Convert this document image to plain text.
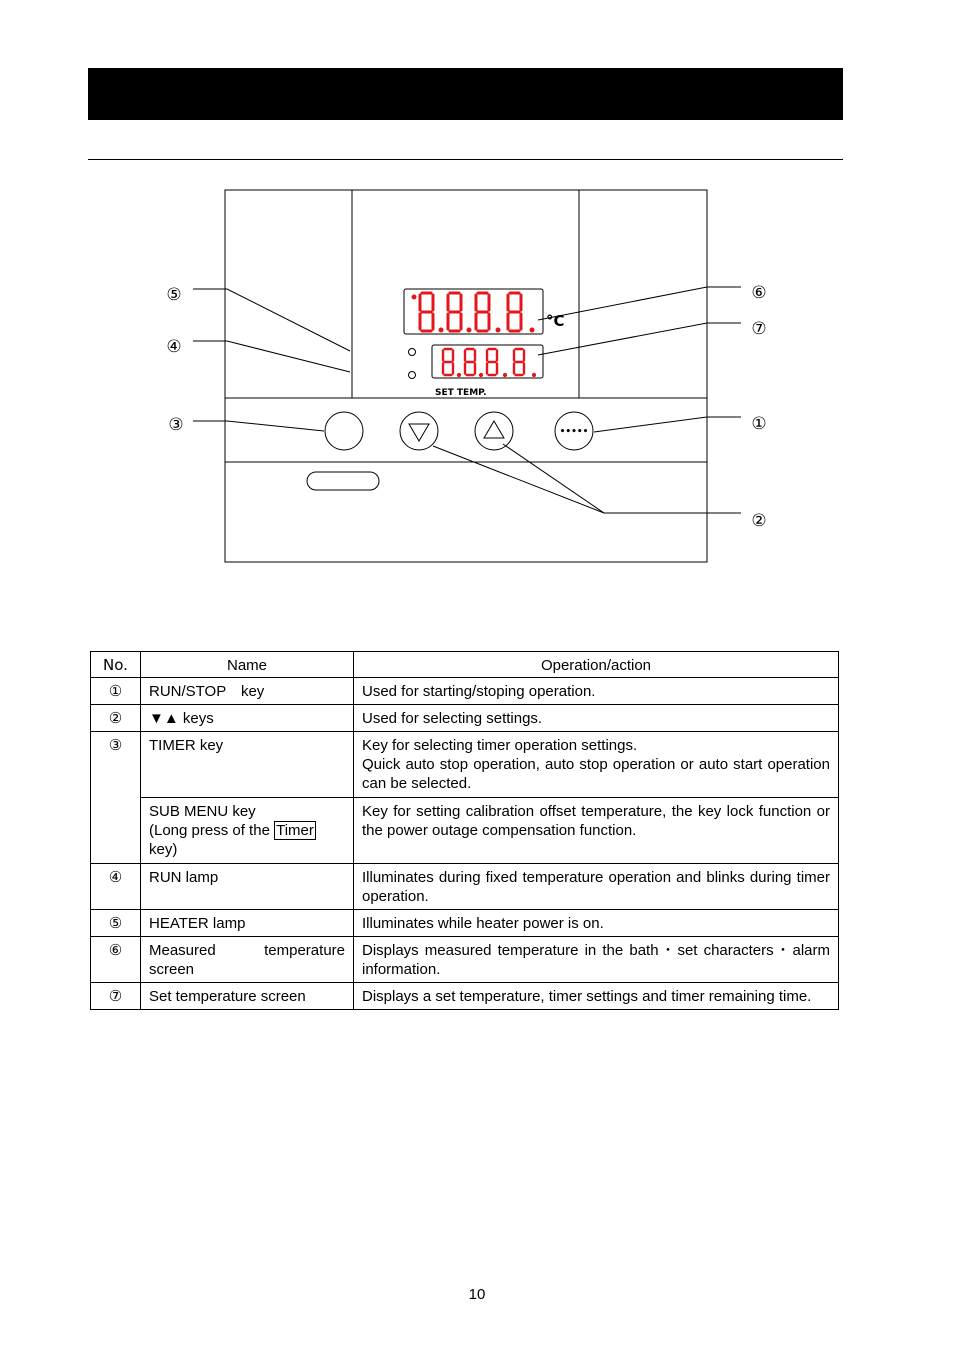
°C
SET TEMP.
•••••
⑤
④
③
⑥
⑦
①
②
No.	Name	Operation/action
①	RUN/STOP　key	Used for starting/stoping operation.
②	▼▲ keys	Used for selecting settings.
③	TIMER key	Key for selecting timer operation settings.
Quick auto stop operation, auto stop operation or auto start operation can be selected.
	SUB MENU key
(Long press of the Timer
key)	Key for setting calibration offset temperature, the key lock function or the power outage compensation function.
④	RUN lamp	Illuminates during fixed temperature operation and blinks during timer operation.
⑤	HEATER lamp	Illuminates while heater power is on.
⑥	Measured temperature screen	Displays measured temperature in the bath・set characters・alarm information.
⑦	Set temperature screen	Displays a set temperature, timer settings and timer remaining time.
10
